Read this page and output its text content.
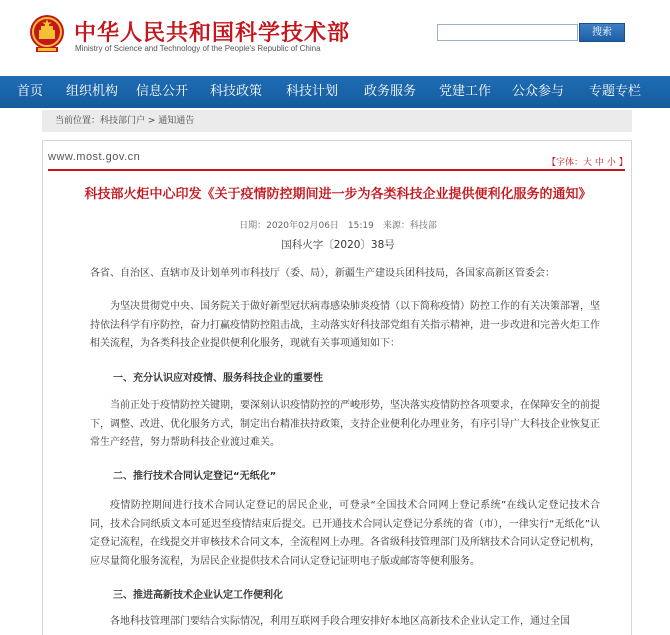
中华人民共和国科学技术部
Ministry of Science and Technology of the People's Republic of China
搜索
首页	组织机构	信息公开	科技政策	科技计划	政务服务	党建工作	公众参与	专题专栏
当前位置：科技部门户 > 通知通告
www.most.gov.cn	【字体：大 中 小 】
科技部火炬中心印发《关于疫情防控期间进一步为各类科技企业提供便利化服务的通知》
日期：2020年02月06日　15:19　来源：科技部
国科火字〔2020〕38号
各省、自治区、直辖市及计划单列市科技厅（委、局），新疆生产建设兵团科技局，各国家高新区管委会：
为坚决贯彻党中央、国务院关于做好新型冠状病毒感染肺炎疫情（以下简称疫情）防控工作的有关决策部署，坚持依法科学有序防控，奋力打赢疫情防控阻击战，主动落实好科技部党组有关指示精神，进一步改进和完善火炬工作相关流程，为各类科技企业提供便利化服务，现就有关事项通知如下：
一、充分认识应对疫情、服务科技企业的重要性
当前正处于疫情防控关键期，要深刻认识疫情防控的严峻形势，坚决落实疫情防控各项要求，在保障安全的前提下，调整、改进、优化服务方式，制定出台精准扶持政策，支持企业便利化办理业务，有序引导广大科技企业恢复正常生产经营，努力帮助科技企业渡过难关。
二、推行技术合同认定登记“无纸化”
疫情防控期间进行技术合同认定登记的居民企业，可登录“全国技术合同网上登记系统”在线认定登记技术合同，技术合同纸质文本可延迟至疫情结束后提交。已开通技术合同认定登记分系统的省（市），一律实行“无纸化”认定登记流程，在线提交并审核技术合同文本，全流程网上办理。各省级科技管理部门及所辖技术合同认定登记机构，应尽量简化服务流程，为居民企业提供技术合同认定登记证明电子版或邮寄等便利服务。
三、推进高新技术企业认定工作便利化
各地科技管理部门要结合实际情况，利用互联网手段合理安排好本地区高新技术企业认定工作，通过全国
